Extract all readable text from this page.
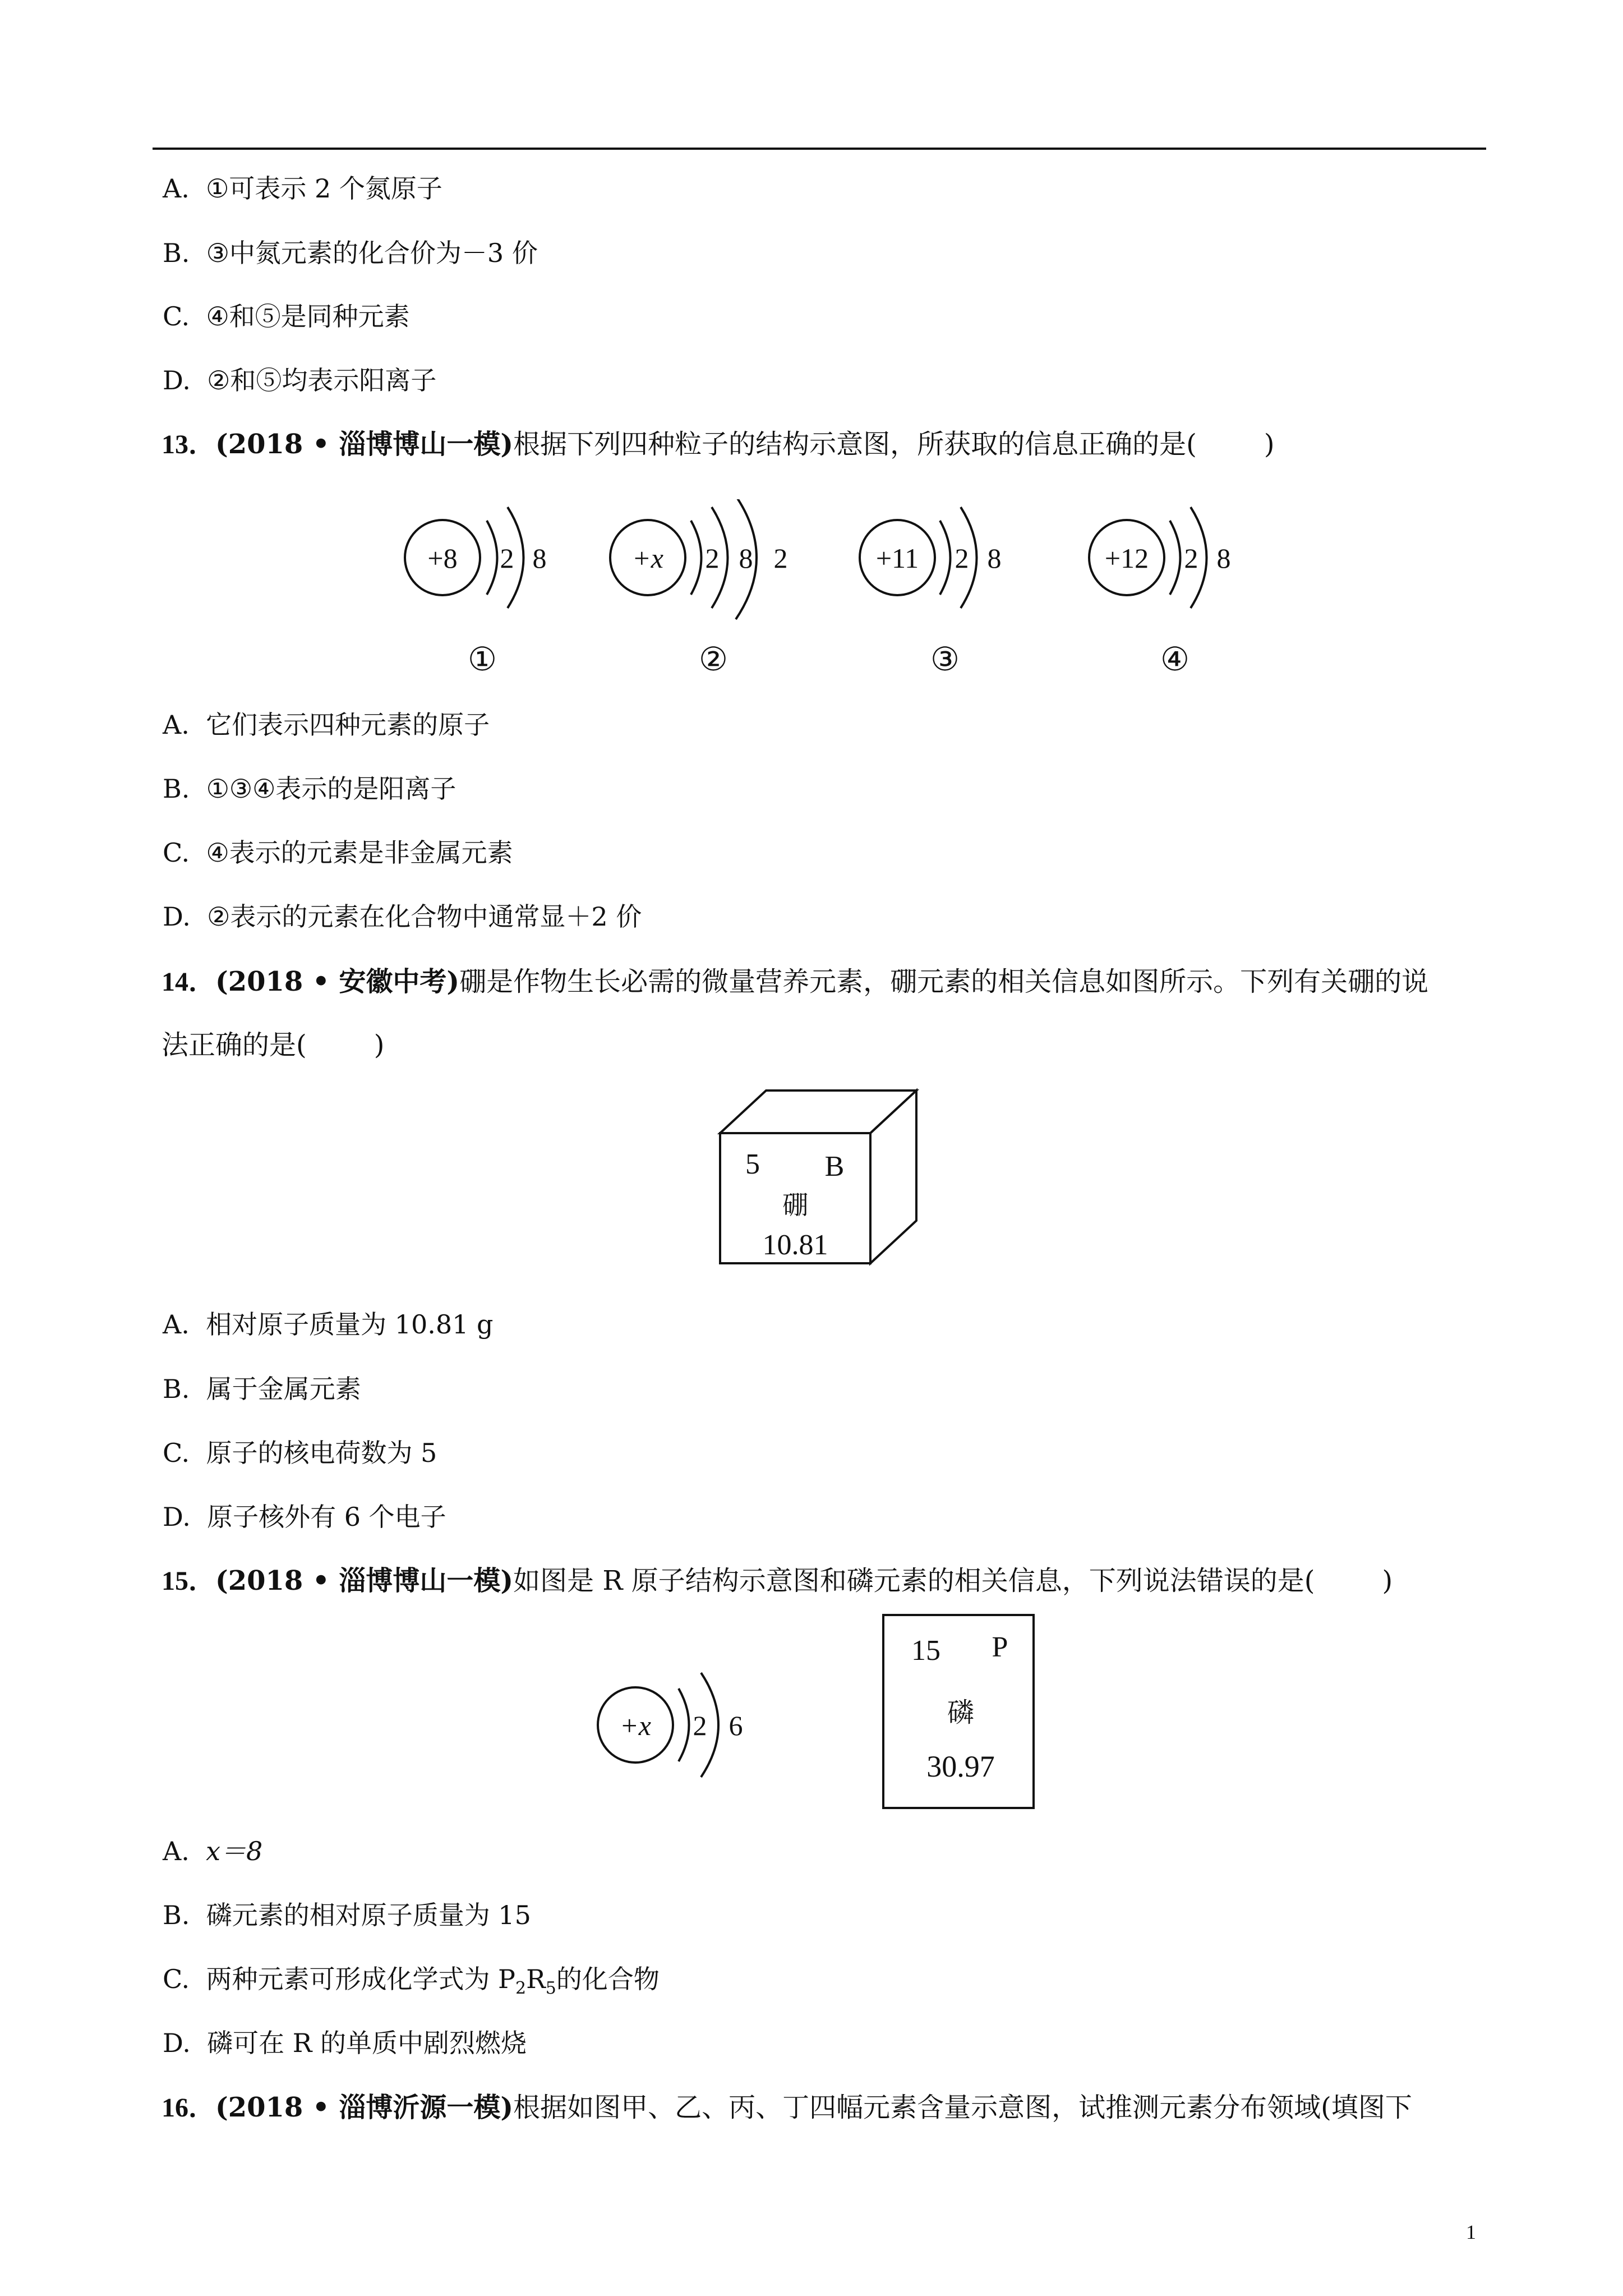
A. ①可表示 2 个氮原子
B. ③中氮元素的化合价为－3 价
C. ④和⑤是同种元素
D. ②和⑤均表示阳离子
13．(2018 • 淄博博山一模)根据下列四种粒子的结构示意图，所获取的信息正确的是(	)
+8 2 8	+x 2 8 2	+11 2 8	+12 2 8
①	②	③	④
A. 它们表示四种元素的原子
B. ①③④表示的是阳离子
C. ④表示的元素是非金属元素
D. ②表示的元素在化合物中通常显＋2 价
14．(2018 • 安徽中考)硼是作物生长必需的微量营养元素，硼元素的相关信息如图所示。下列有关硼的说
法正确的是(	)
5 B
硼
10.81
A. 相对原子质量为 10.81 g
B. 属于金属元素
C. 原子的核电荷数为 5
D. 原子核外有 6 个电子
15．(2018 • 淄博博山一模)如图是 R 原子结构示意图和磷元素的相关信息，下列说法错误的是(	)
+x 2 6
15 P
磷
30.97
A. x＝8
B. 磷元素的相对原子质量为 15
C. 两种元素可形成化学式为 $P_2R_5$的化合物
D. 磷可在 R 的单质中剧烈燃烧
16．(2018 • 淄博沂源一模)根据如图甲、乙、丙、丁四幅元素含量示意图，试推测元素分布领域(填图下
1
